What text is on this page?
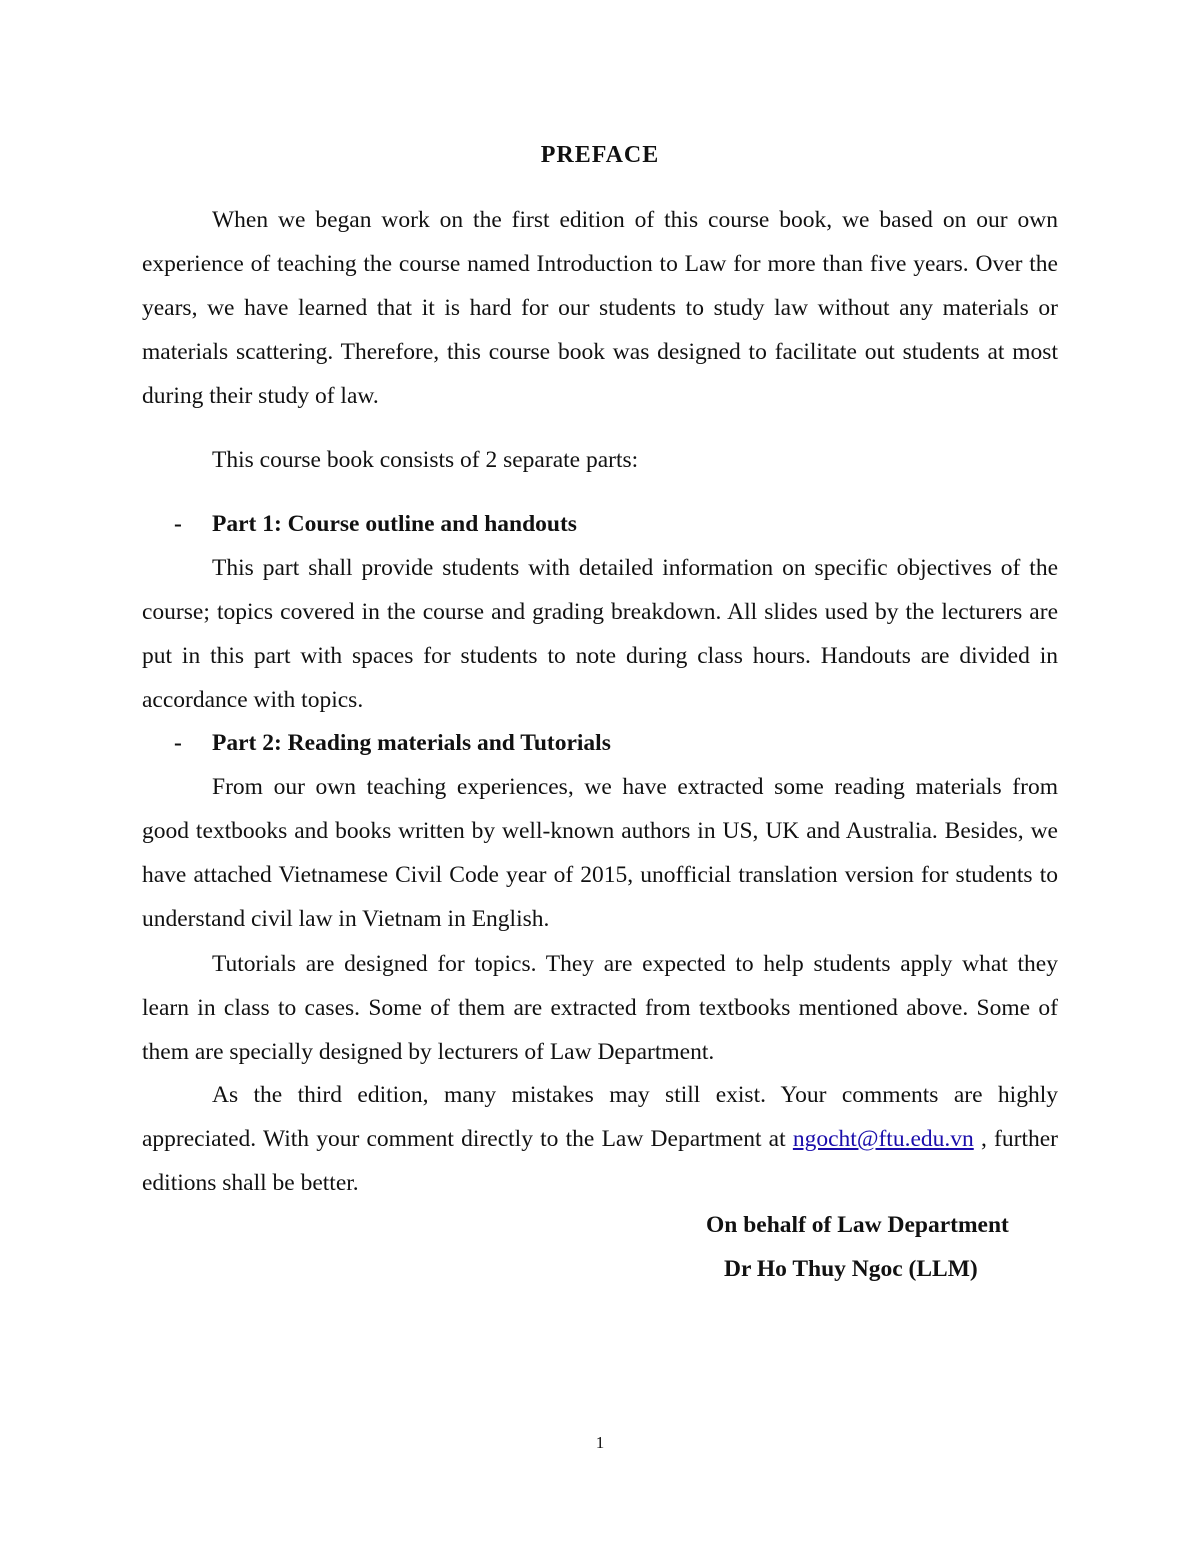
PREFACE
When we began work on the first edition of this course book, we based on our own experience of teaching the course named Introduction to Law for more than five years. Over the years, we have learned that it is hard for our students to study law without any materials or materials scattering. Therefore, this course book was designed to facilitate out students at most during their study of law.
This course book consists of 2 separate parts:
- Part 1: Course outline and handouts
This part shall provide students with detailed information on specific objectives of the course; topics covered in the course and grading breakdown. All slides used by the lecturers are put in this part with spaces for students to note during class hours. Handouts are divided in accordance with topics.
- Part 2: Reading materials and Tutorials
From our own teaching experiences, we have extracted some reading materials from good textbooks and books written by well-known authors in US, UK and Australia. Besides, we have attached Vietnamese Civil Code year of 2015, unofficial translation version for students to understand civil law in Vietnam in English.
Tutorials are designed for topics. They are expected to help students apply what they learn in class to cases. Some of them are extracted from textbooks mentioned above. Some of them are specially designed by lecturers of Law Department.
As the third edition, many mistakes may still exist. Your comments are highly appreciated. With your comment directly to the Law Department at ngocht@ftu.edu.vn , further editions shall be better.
On behalf of Law Department
Dr Ho Thuy Ngoc (LLM)
1
